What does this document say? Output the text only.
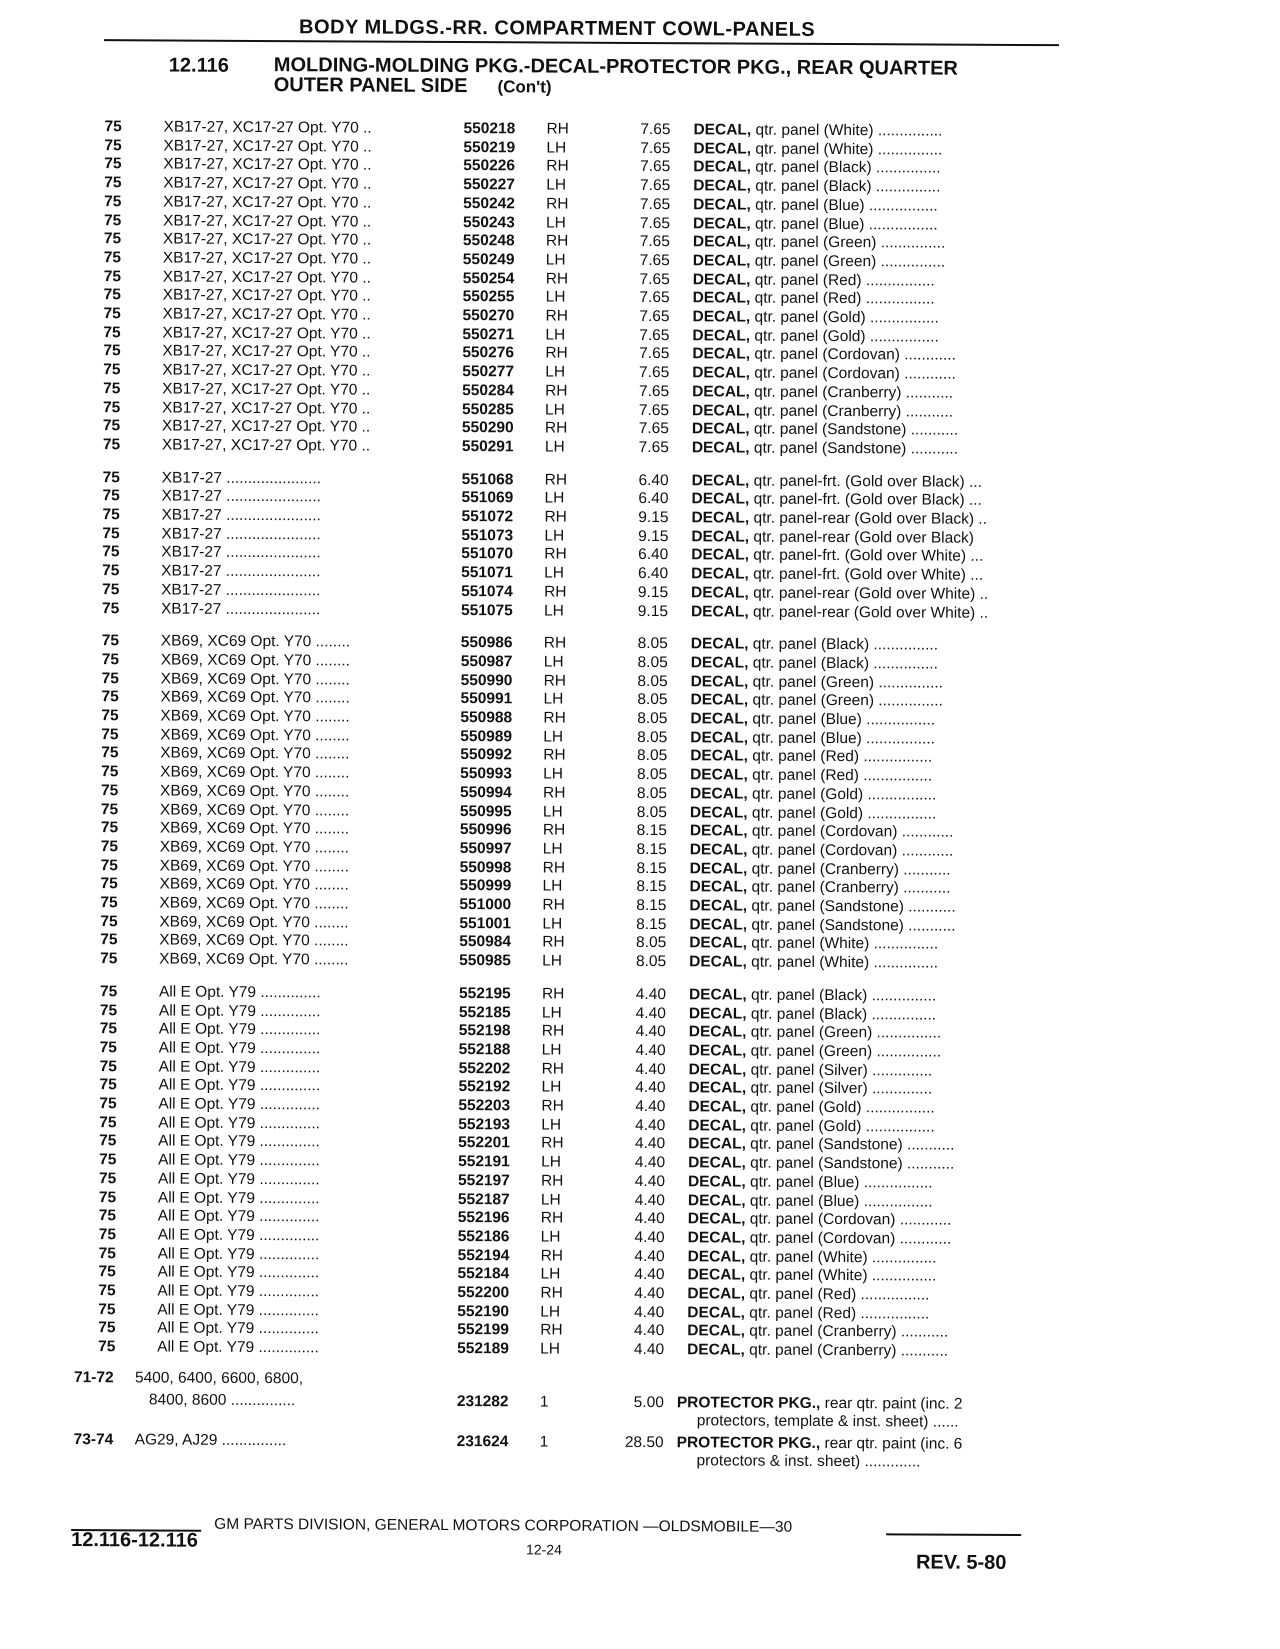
BODY MLDGS.-RR. COMPARTMENT COWL-PANELS
12.116 MOLDING-MOLDING PKG.-DECAL-PROTECTOR PKG., REAR QUARTER
OUTER PANEL SIDE (Con't)
75	XB17-27, XC17-27 Opt. Y70 ..	550218 RH	7.65 DECAL, qtr. panel (White) ...............
75	XB17-27, XC17-27 Opt. Y70 ..	550219 LH	7.65 DECAL, qtr. panel (White) ...............
75	XB17-27, XC17-27 Opt. Y70 ..	550226 RH	7.65 DECAL, qtr. panel (Black) ...............
75	XB17-27, XC17-27 Opt. Y70 ..	550227 LH	7.65 DECAL, qtr. panel (Black) ...............
75	XB17-27, XC17-27 Opt. Y70 ..	550242 RH	7.65 DECAL, qtr. panel (Blue) ................
75	XB17-27, XC17-27 Opt. Y70 ..	550243 LH	7.65 DECAL, qtr. panel (Blue) ................
75	XB17-27, XC17-27 Opt. Y70 ..	550248 RH	7.65 DECAL, qtr. panel (Green) ...............
75	XB17-27, XC17-27 Opt. Y70 ..	550249 LH	7.65 DECAL, qtr. panel (Green) ...............
75	XB17-27, XC17-27 Opt. Y70 ..	550254 RH	7.65 DECAL, qtr. panel (Red) ................
75	XB17-27, XC17-27 Opt. Y70 ..	550255 LH	7.65 DECAL, qtr. panel (Red) ................
75	XB17-27, XC17-27 Opt. Y70 ..	550270 RH	7.65 DECAL, qtr. panel (Gold) ................
75	XB17-27, XC17-27 Opt. Y70 ..	550271 LH	7.65 DECAL, qtr. panel (Gold) ................
75	XB17-27, XC17-27 Opt. Y70 ..	550276 RH	7.65 DECAL, qtr. panel (Cordovan) ............
75	XB17-27, XC17-27 Opt. Y70 ..	550277 LH	7.65 DECAL, qtr. panel (Cordovan) ............
75	XB17-27, XC17-27 Opt. Y70 ..	550284 RH	7.65 DECAL, qtr. panel (Cranberry) ...........
75	XB17-27, XC17-27 Opt. Y70 ..	550285 LH	7.65 DECAL, qtr. panel (Cranberry) ...........
75	XB17-27, XC17-27 Opt. Y70 ..	550290 RH	7.65 DECAL, qtr. panel (Sandstone) ...........
75	XB17-27, XC17-27 Opt. Y70 ..	550291 LH	7.65 DECAL, qtr. panel (Sandstone) ...........
75	XB17-27 ......................	551068 RH	6.40 DECAL, qtr. panel-frt. (Gold over Black) ...
75	XB17-27 ......................	551069 LH	6.40 DECAL, qtr. panel-frt. (Gold over Black) ...
75	XB17-27 ......................	551072 RH	9.15 DECAL, qtr. panel-rear (Gold over Black) ..
75	XB17-27 ......................	551073 LH	9.15 DECAL, qtr. panel-rear (Gold over Black)
75	XB17-27 ......................	551070 RH	6.40 DECAL, qtr. panel-frt. (Gold over White) ...
75	XB17-27 ......................	551071 LH	6.40 DECAL, qtr. panel-frt. (Gold over White) ...
75	XB17-27 ......................	551074 RH	9.15 DECAL, qtr. panel-rear (Gold over White) ..
75	XB17-27 ......................	551075 LH	9.15 DECAL, qtr. panel-rear (Gold over White) ..
75	XB69, XC69 Opt. Y70 ........	550986 RH	8.05 DECAL, qtr. panel (Black) ...............
75	XB69, XC69 Opt. Y70 ........	550987 LH	8.05 DECAL, qtr. panel (Black) ...............
75	XB69, XC69 Opt. Y70 ........	550990 RH	8.05 DECAL, qtr. panel (Green) ...............
75	XB69, XC69 Opt. Y70 ........	550991 LH	8.05 DECAL, qtr. panel (Green) ...............
75	XB69, XC69 Opt. Y70 ........	550988 RH	8.05 DECAL, qtr. panel (Blue) ................
75	XB69, XC69 Opt. Y70 ........	550989 LH	8.05 DECAL, qtr. panel (Blue) ................
75	XB69, XC69 Opt. Y70 ........	550992 RH	8.05 DECAL, qtr. panel (Red) ................
75	XB69, XC69 Opt. Y70 ........	550993 LH	8.05 DECAL, qtr. panel (Red) ................
75	XB69, XC69 Opt. Y70 ........	550994 RH	8.05 DECAL, qtr. panel (Gold) ................
75	XB69, XC69 Opt. Y70 ........	550995 LH	8.05 DECAL, qtr. panel (Gold) ................
75	XB69, XC69 Opt. Y70 ........	550996 RH	8.15 DECAL, qtr. panel (Cordovan) ............
75	XB69, XC69 Opt. Y70 ........	550997 LH	8.15 DECAL, qtr. panel (Cordovan) ............
75	XB69, XC69 Opt. Y70 ........	550998 RH	8.15 DECAL, qtr. panel (Cranberry) ...........
75	XB69, XC69 Opt. Y70 ........	550999 LH	8.15 DECAL, qtr. panel (Cranberry) ...........
75	XB69, XC69 Opt. Y70 ........	551000 RH	8.15 DECAL, qtr. panel (Sandstone) ...........
75	XB69, XC69 Opt. Y70 ........	551001 LH	8.15 DECAL, qtr. panel (Sandstone) ...........
75	XB69, XC69 Opt. Y70 ........	550984 RH	8.05 DECAL, qtr. panel (White) ...............
75	XB69, XC69 Opt. Y70 ........	550985 LH	8.05 DECAL, qtr. panel (White) ...............
75	All E Opt. Y79 ..............	552195 RH	4.40 DECAL, qtr. panel (Black) ...............
75	All E Opt. Y79 ..............	552185 LH	4.40 DECAL, qtr. panel (Black) ...............
75	All E Opt. Y79 ..............	552198 RH	4.40 DECAL, qtr. panel (Green) ...............
75	All E Opt. Y79 ..............	552188 LH	4.40 DECAL, qtr. panel (Green) ...............
75	All E Opt. Y79 ..............	552202 RH	4.40 DECAL, qtr. panel (Silver) ..............
75	All E Opt. Y79 ..............	552192 LH	4.40 DECAL, qtr. panel (Silver) ..............
75	All E Opt. Y79 ..............	552203 RH	4.40 DECAL, qtr. panel (Gold) ................
75	All E Opt. Y79 ..............	552193 LH	4.40 DECAL, qtr. panel (Gold) ................
75	All E Opt. Y79 ..............	552201 RH	4.40 DECAL, qtr. panel (Sandstone) ...........
75	All E Opt. Y79 ..............	552191 LH	4.40 DECAL, qtr. panel (Sandstone) ...........
75	All E Opt. Y79 ..............	552197 RH	4.40 DECAL, qtr. panel (Blue) ................
75	All E Opt. Y79 ..............	552187 LH	4.40 DECAL, qtr. panel (Blue) ................
75	All E Opt. Y79 ..............	552196 RH	4.40 DECAL, qtr. panel (Cordovan) ............
75	All E Opt. Y79 ..............	552186 LH	4.40 DECAL, qtr. panel (Cordovan) ............
75	All E Opt. Y79 ..............	552194 RH	4.40 DECAL, qtr. panel (White) ...............
75	All E Opt. Y79 ..............	552184 LH	4.40 DECAL, qtr. panel (White) ...............
75	All E Opt. Y79 ..............	552200 RH	4.40 DECAL, qtr. panel (Red) ................
75	All E Opt. Y79 ..............	552190 LH	4.40 DECAL, qtr. panel (Red) ................
75	All E Opt. Y79 ..............	552199 RH	4.40 DECAL, qtr. panel (Cranberry) ...........
75	All E Opt. Y79 ..............	552189 LH	4.40 DECAL, qtr. panel (Cranberry) ...........
71-72 5400, 6400, 6600, 6800,
8400, 8600 ...............	231282 1	5.00 PROTECTOR PKG., rear qtr. paint (inc. 2
protectors, template & inst. sheet) ......
73-74 AG29, AJ29 ...............	231624 1	28.50 PROTECTOR PKG., rear qtr. paint (inc. 6
protectors & inst. sheet) .............
GM PARTS DIVISION, GENERAL MOTORS CORPORATION —OLDSMOBILE—30
12.116-12.116	12-24
REV. 5-80
